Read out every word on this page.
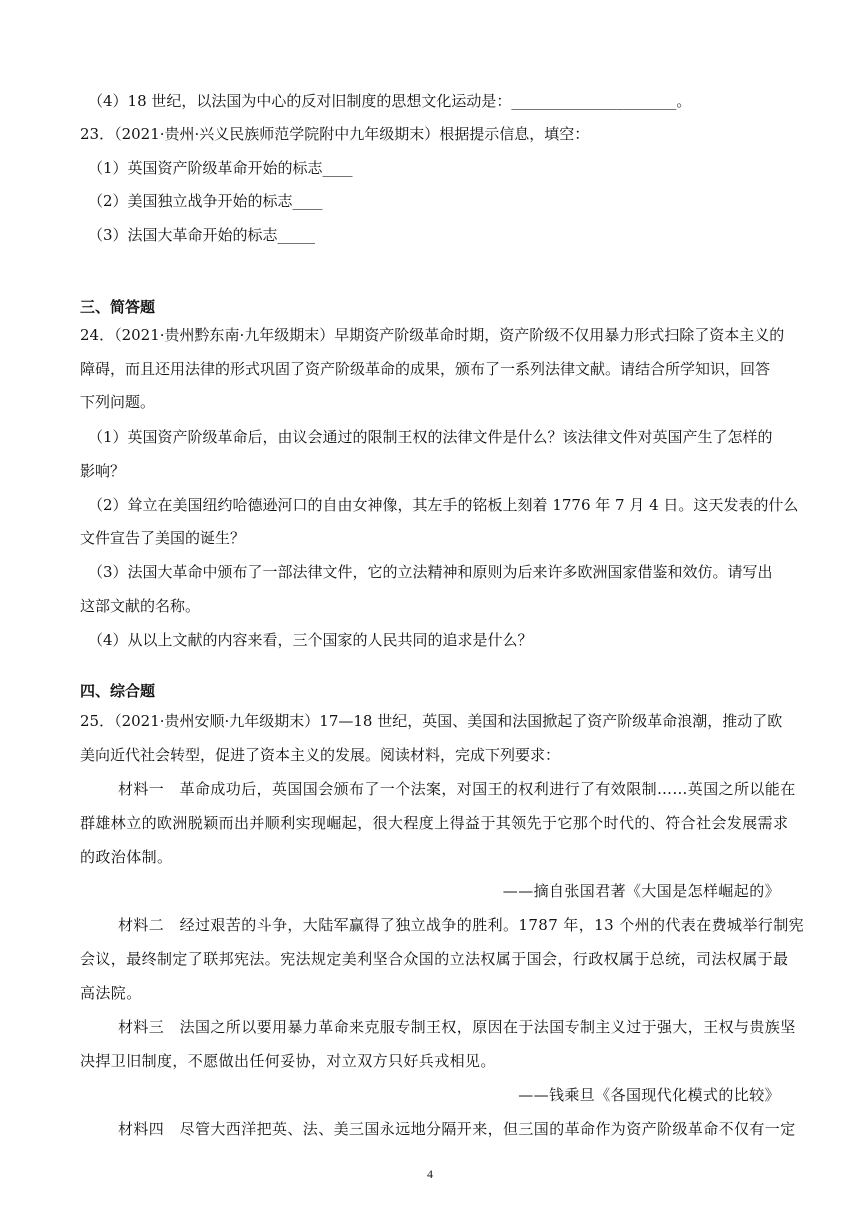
（4）18 世纪，以法国为中心的反对旧制度的思想文化运动是：______________________。
23．（2021·贵州·兴义民族师范学院附中九年级期末）根据提示信息，填空：
（1）英国资产阶级革命开始的标志____
（2）美国独立战争开始的标志____
（3）法国大革命开始的标志_____
三、简答题
24．（2021·贵州黔东南·九年级期末）早期资产阶级革命时期，资产阶级不仅用暴力形式扫除了资本主义的
障碍，而且还用法律的形式巩固了资产阶级革命的成果，颁布了一系列法律文献。请结合所学知识，回答
下列问题。
（1）英国资产阶级革命后，由议会通过的限制王权的法律文件是什么？该法律文件对英国产生了怎样的
影响？
（2）耸立在美国纽约哈德逊河口的自由女神像，其左手的铭板上刻着 1776 年 7 月 4 日。这天发表的什么
文件宣告了美国的诞生？
（3）法国大革命中颁布了一部法律文件，它的立法精神和原则为后来许多欧洲国家借鉴和效仿。请写出
这部文献的名称。
（4）从以上文献的内容来看，三个国家的人民共同的追求是什么？
四、综合题
25．（2021·贵州安顺·九年级期末）17—18 世纪，英国、美国和法国掀起了资产阶级革命浪潮，推动了欧
美向近代社会转型，促进了资本主义的发展。阅读材料，完成下列要求：
材料一　革命成功后，英国国会颁布了一个法案，对国王的权利进行了有效限制……英国之所以能在
群雄林立的欧洲脱颖而出并顺利实现崛起，很大程度上得益于其领先于它那个时代的、符合社会发展需求
的政治体制。
——摘自张国君著《大国是怎样崛起的》
材料二　经过艰苦的斗争，大陆军赢得了独立战争的胜利。1787 年，13 个州的代表在费城举行制宪
会议，最终制定了联邦宪法。宪法规定美利坚合众国的立法权属于国会，行政权属于总统，司法权属于最
高法院。
材料三　法国之所以要用暴力革命来克服专制王权，原因在于法国专制主义过于强大，王权与贵族坚
决捍卫旧制度，不愿做出任何妥协，对立双方只好兵戎相见。
——钱乘旦《各国现代化模式的比较》
材料四　尽管大西洋把英、法、美三国永远地分隔开来，但三国的革命作为资产阶级革命不仅有一定
4
